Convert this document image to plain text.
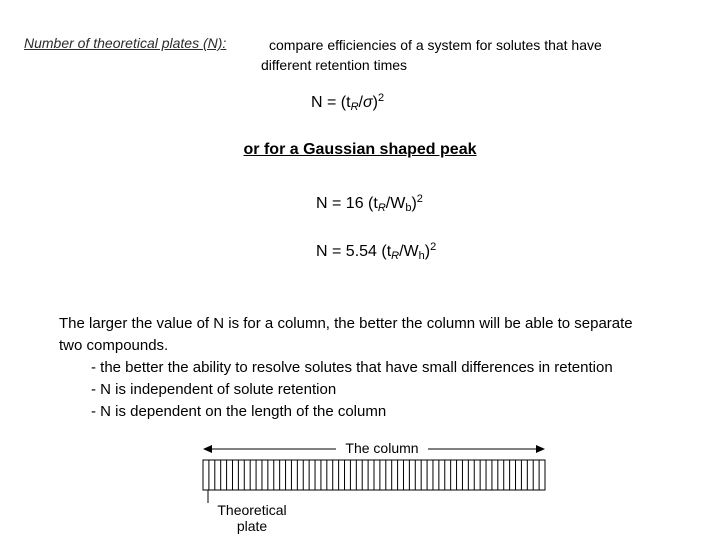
Number of theoretical plates (N):	compare efficiencies of a system for solutes that have
different retention times
$N = (t_R/\sigma)^2$
or for a Gaussian shaped peak
N = 16 $(t_R/W_b)^2$
N = 5.54 $(t_R/W_h)^2$
The larger the value of N is for a column, the better the column will be able to separate
two compounds.
- the better the ability to resolve solutes that have small differences in retention
- N is independent of solute retention
- N is dependent on the length of the column
The column
Theoretical
plate
